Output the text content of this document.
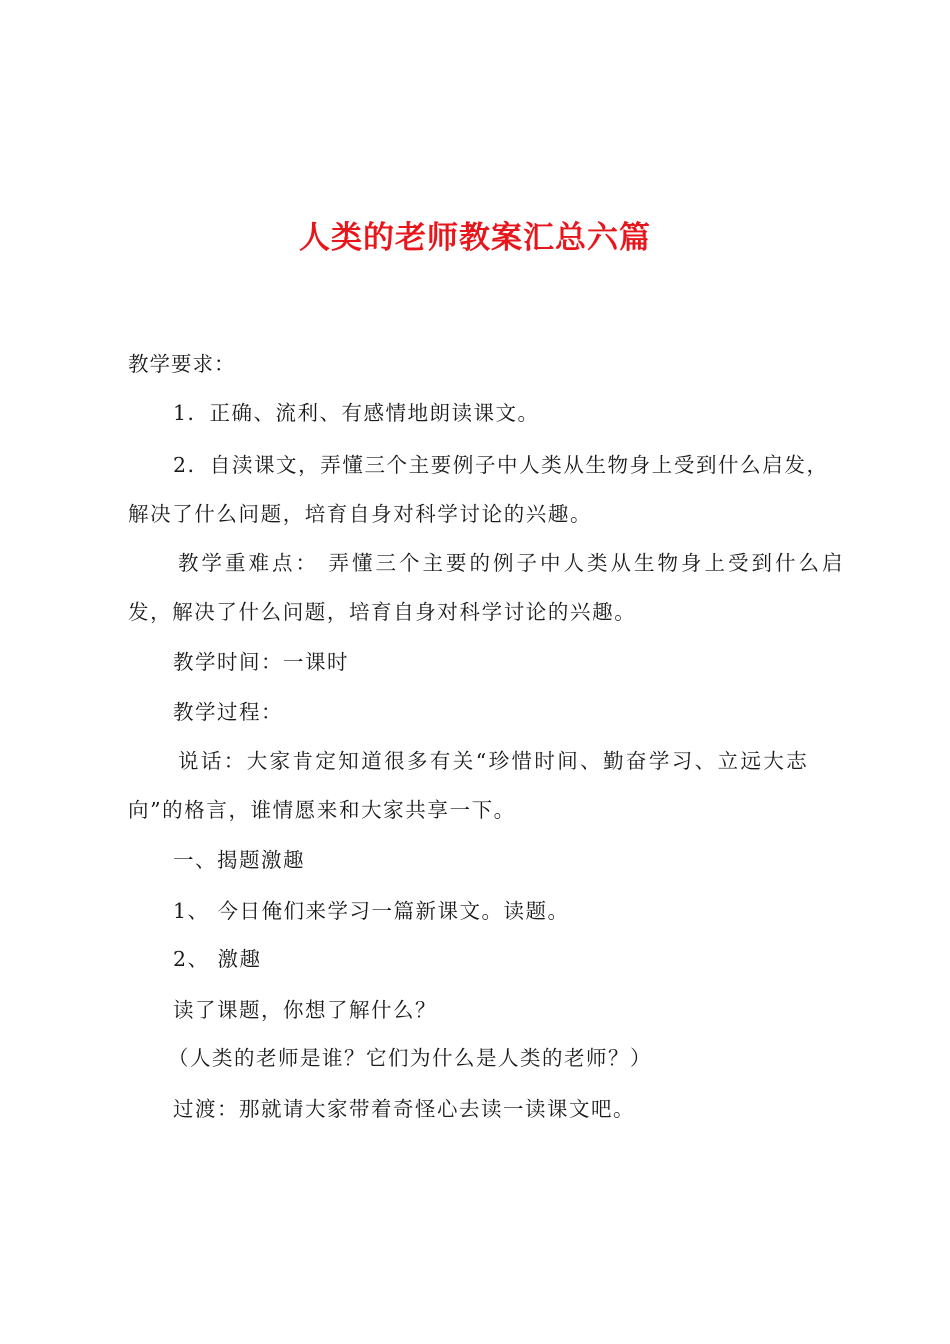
人类的老师教案汇总六篇

教学要求：

1．正确、流利、有感情地朗读课文。

2．自渎课文，弄懂三个主要例子中人类从生物身上受到什么启发，

解决了什么问题，培育自身对科学讨论的兴趣。

教学重难点： 弄懂三个主要的例子中人类从生物身上受到什么启

发，解决了什么问题，培育自身对科学讨论的兴趣。

教学时间：一课时

教学过程：

说话：大家肯定知道很多有关“珍惜时间、勤奋学习、立远大志

向”的格言，谁情愿来和大家共享一下。

一、揭题激趣

1、 今日俺们来学习一篇新课文。读题。

2、 激趣

读了课题，你想了解什么？

（人类的老师是谁？它们为什么是人类的老师？）

过渡：那就请大家带着奇怪心去读一读课文吧。
